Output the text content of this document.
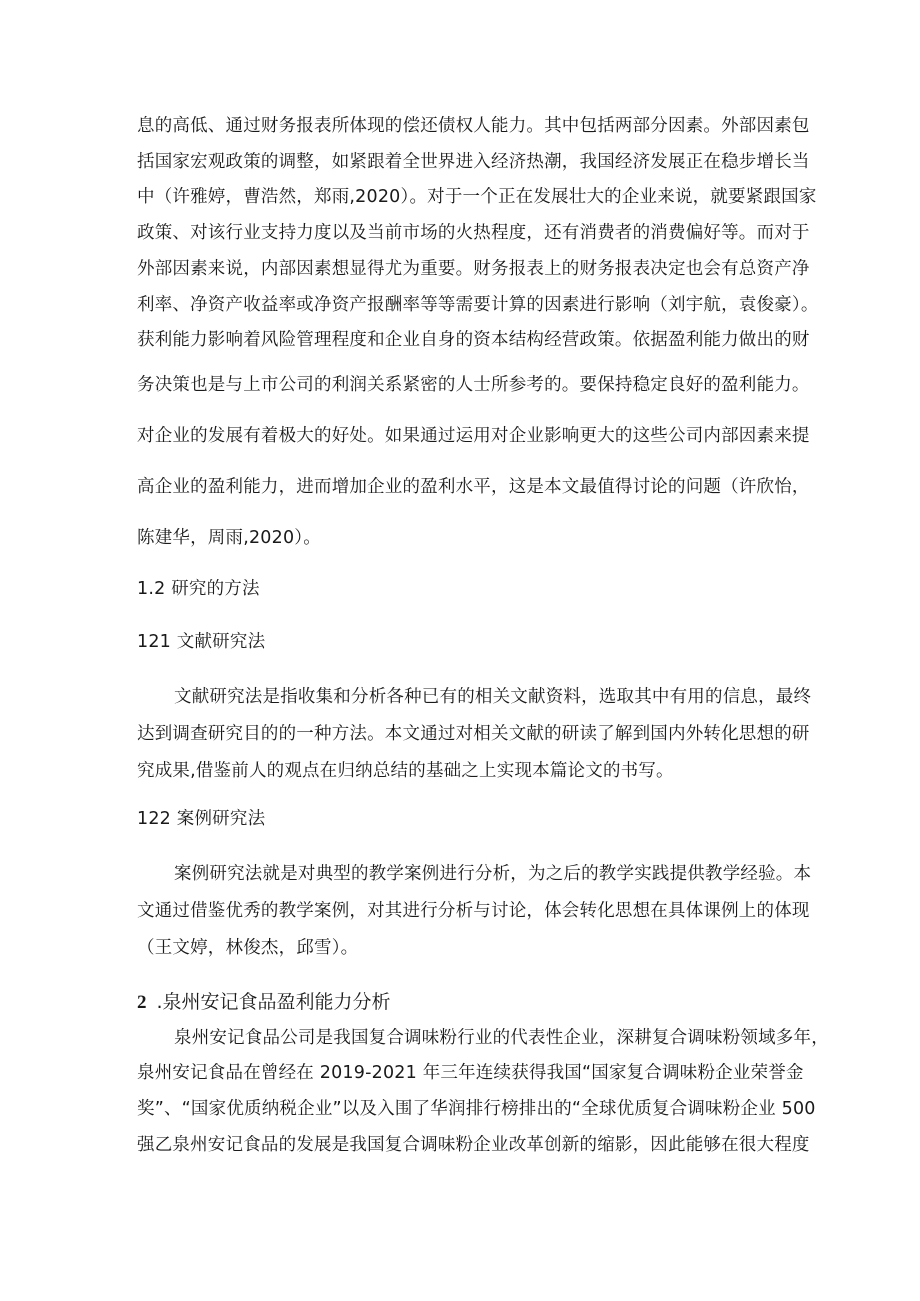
息的高低、通过财务报表所体现的偿还债权人能力。其中包括两部分因素。外部因素包
括国家宏观政策的调整，如紧跟着全世界进入经济热潮，我国经济发展正在稳步增长当
中（许雅婷，曹浩然，郑雨,2020）。对于一个正在发展壮大的企业来说，就要紧跟国家
政策、对该行业支持力度以及当前市场的火热程度，还有消费者的消费偏好等。而对于
外部因素来说，内部因素想显得尤为重要。财务报表上的财务报表决定也会有总资产净
利率、净资产收益率或净资产报酬率等等需要计算的因素进行影响（刘宇航，袁俊豪）。
获利能力影响着风险管理程度和企业自身的资本结构经营政策。依据盈利能力做出的财
务决策也是与上市公司的利润关系紧密的人士所参考的。要保持稳定良好的盈利能力。
对企业的发展有着极大的好处。如果通过运用对企业影响更大的这些公司内部因素来提
高企业的盈利能力，进而增加企业的盈利水平，这是本文最值得讨论的问题（许欣怡，
陈建华，周雨,2020）。
1.2 研究的方法
121 文献研究法
文献研究法是指收集和分析各种已有的相关文献资料，选取其中有用的信息，最终
达到调查研究目的的一种方法。本文通过对相关文献的研读了解到国内外转化思想的研
究成果,借鉴前人的观点在归纳总结的基础之上实现本篇论文的书写。
122 案例研究法
案例研究法就是对典型的教学案例进行分析，为之后的教学实践提供教学经验。本
文通过借鉴优秀的教学案例，对其进行分析与讨论，体会转化思想在具体课例上的体现
（王文婷，林俊杰，邱雪）。
2 .泉州安记食品盈利能力分析
泉州安记食品公司是我国复合调味粉行业的代表性企业，深耕复合调味粉领域多年，
泉州安记食品在曾经在 2019-2021 年三年连续获得我国“国家复合调味粉企业荣誉金
奖”、“国家优质纳税企业”以及入围了华润排行榜排出的“全球优质复合调味粉企业 500
强乙泉州安记食品的发展是我国复合调味粉企业改革创新的缩影，因此能够在很大程度
